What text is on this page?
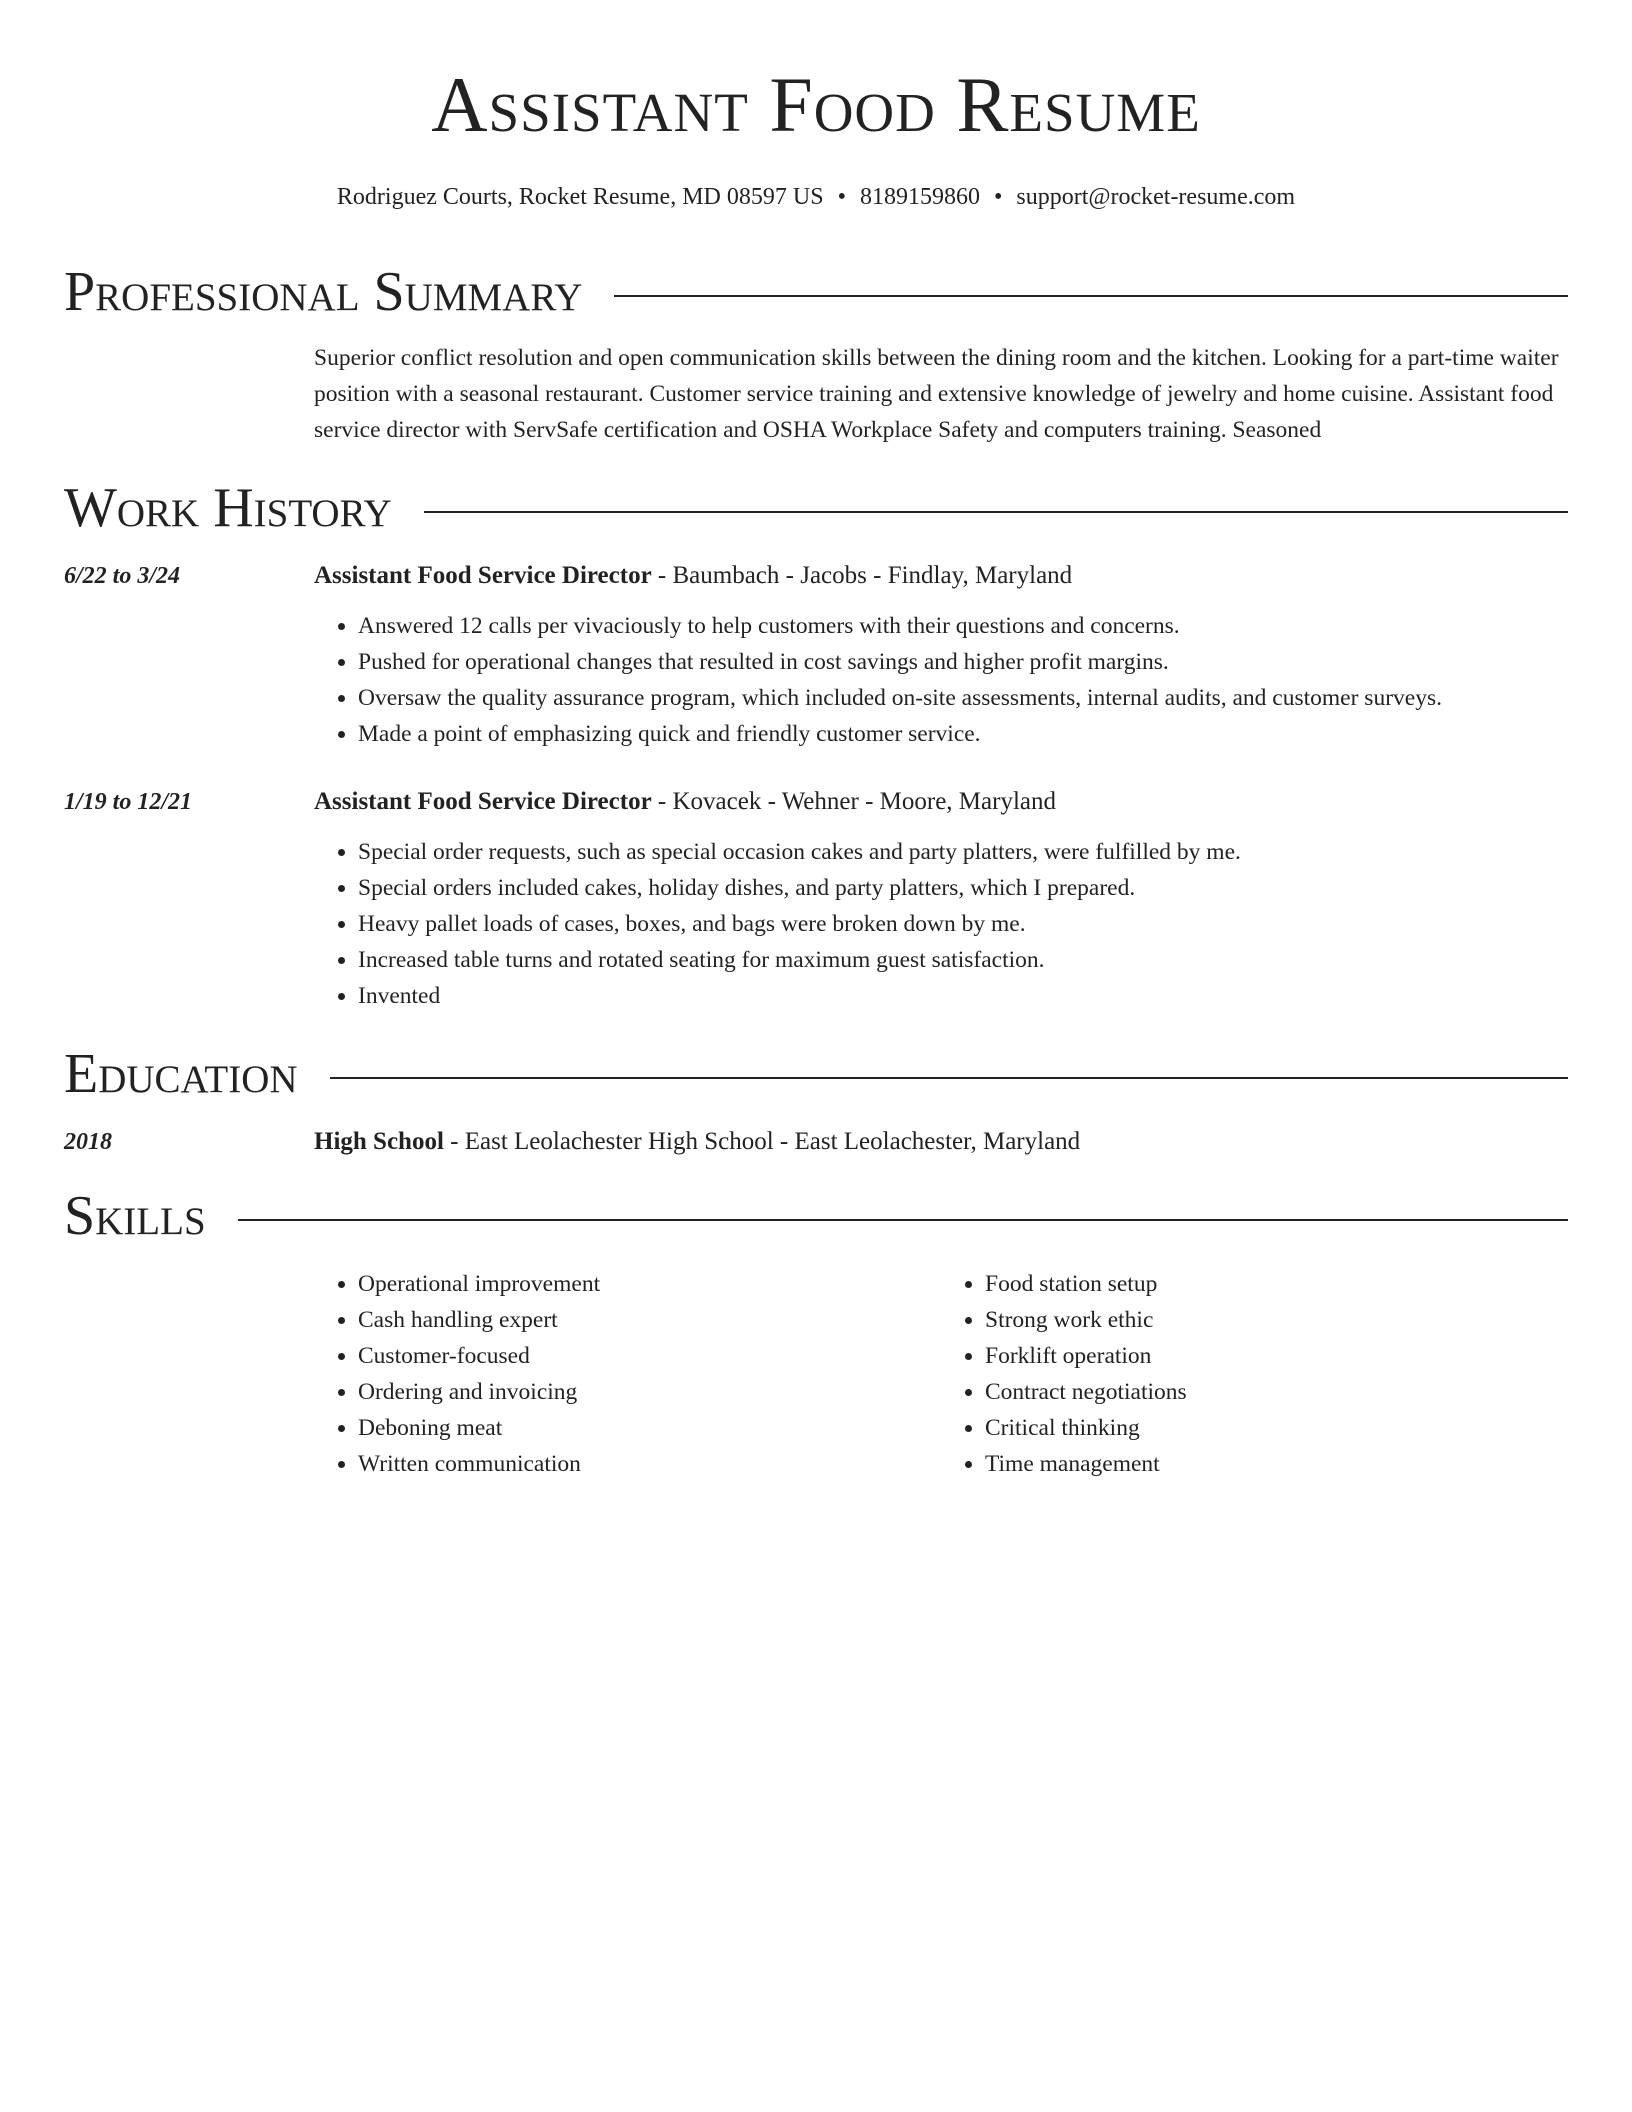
Assistant Food Resume
Rodriguez Courts, Rocket Resume, MD 08597 US • 8189159860 • support@rocket-resume.com
Professional Summary
Superior conflict resolution and open communication skills between the dining room and the kitchen. Looking for a part-time waiter position with a seasonal restaurant. Customer service training and extensive knowledge of jewelry and home cuisine. Assistant food service director with ServSafe certification and OSHA Workplace Safety and computers training. Seasoned
Work History
6/22 to 3/24	Assistant Food Service Director - Baumbach - Jacobs - Findlay, Maryland
• Answered 12 calls per vivaciously to help customers with their questions and concerns.
• Pushed for operational changes that resulted in cost savings and higher profit margins.
• Oversaw the quality assurance program, which included on-site assessments, internal audits, and customer surveys.
• Made a point of emphasizing quick and friendly customer service.
1/19 to 12/21	Assistant Food Service Director - Kovacek - Wehner - Moore, Maryland
• Special order requests, such as special occasion cakes and party platters, were fulfilled by me.
• Special orders included cakes, holiday dishes, and party platters, which I prepared.
• Heavy pallet loads of cases, boxes, and bags were broken down by me.
• Increased table turns and rotated seating for maximum guest satisfaction.
• Invented
Education
2018	High School - East Leolachester High School - East Leolachester, Maryland
Skills
• Operational improvement
• Cash handling expert
• Customer-focused
• Ordering and invoicing
• Deboning meat
• Written communication
• Food station setup
• Strong work ethic
• Forklift operation
• Contract negotiations
• Critical thinking
• Time management
